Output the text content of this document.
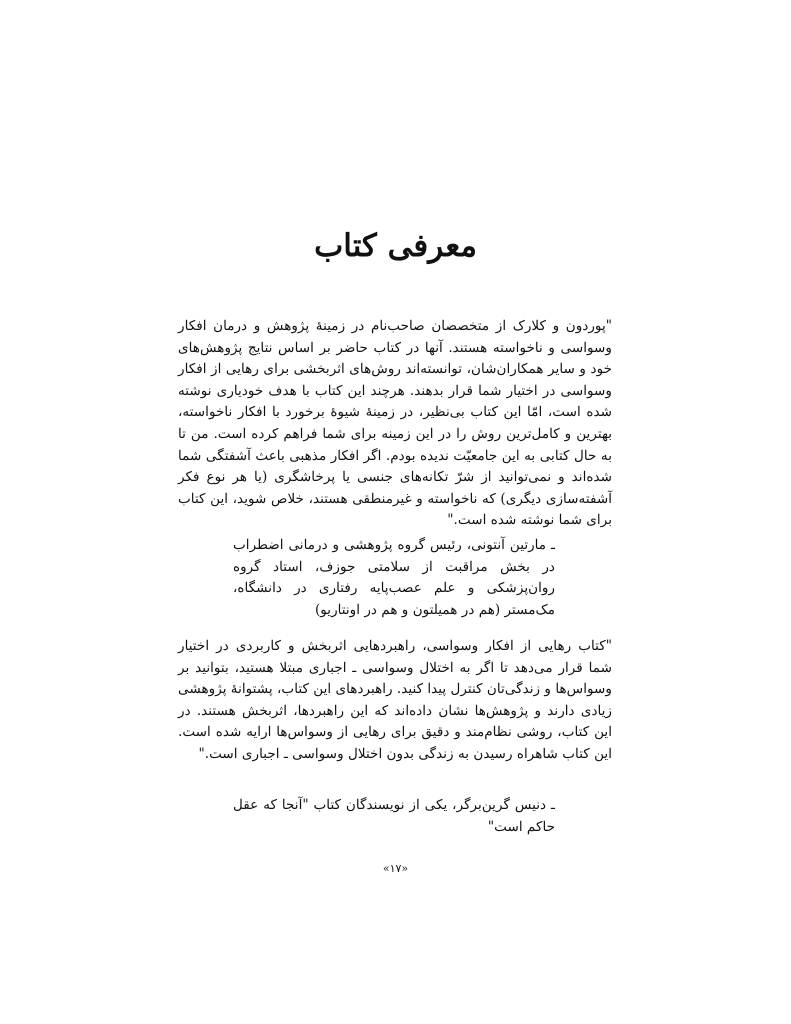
معرفی کتاب

"پوردون و کلارک از متخصصان صاحب‌نام در زمینهٔ پژوهش و درمان افکار وسواسی و ناخواسته هستند. آنها در کتاب حاضر بر اساس نتایج پژوهش‌های خود و سایر همکاران‌شان، توانسته‌اند روش‌های اثربخشی برای رهایی از افکار وسواسی در اختیار شما قرار بدهند. هرچند این کتاب با هدف خودیاری نوشته شده است، امّا این کتاب بی‌نظیر، در زمینهٔ شیوهٔ برخورد با افکار ناخواسته، بهترین و کامل‌ترین روش را در این زمینه برای شما فراهم کرده است. من تا به حال کتابی به این جامعیّت ندیده بودم. اگر افکار مذهبی باعث آشفتگی شما شده‌اند و نمی‌توانید از شرّ تکانه‌های جنسی یا پرخاشگری (یا هر نوع فکر آشفته‌سازی دیگری) که ناخواسته و غیرمنطقی هستند، خلاص شوید، این کتاب برای شما نوشته شده است."

ـ مارتین آنتونی، رئیس گروه پژوهشی و درمانی اضطراب در بخش مراقبت از سلامتی جوزف، استاد گروه روان‌پزشکی و علم عصب‌پایه رفتاری در دانشگاه، مک‌مستر (هم در همیلتون و هم در اونتاریو)

"کتاب رهایی از افکار وسواسی، راهبردهایی اثربخش و کاربردی در اختیار شما قرار می‌دهد تا اگر به اختلال وسواسی ـ اجباری مبتلا هستید، بتوانید بر وسواس‌ها و زندگی‌تان کنترل پیدا کنید. راهبردهای این کتاب، پشتوانهٔ پژوهشی زیادی دارند و پژوهش‌ها نشان داده‌اند که این راهبردها، اثربخش هستند. در این کتاب، روشی نظام‌مند و دقیق برای رهایی از وسواس‌ها ارایه شده است. این کتاب شاهراه رسیدن به زندگی بدون اختلال وسواسی ـ اجباری است."

ـ دنیس گرین‌برگر، یکی از نویسندگان کتاب "آنجا که عقل حاکم است"

«۱۷»
